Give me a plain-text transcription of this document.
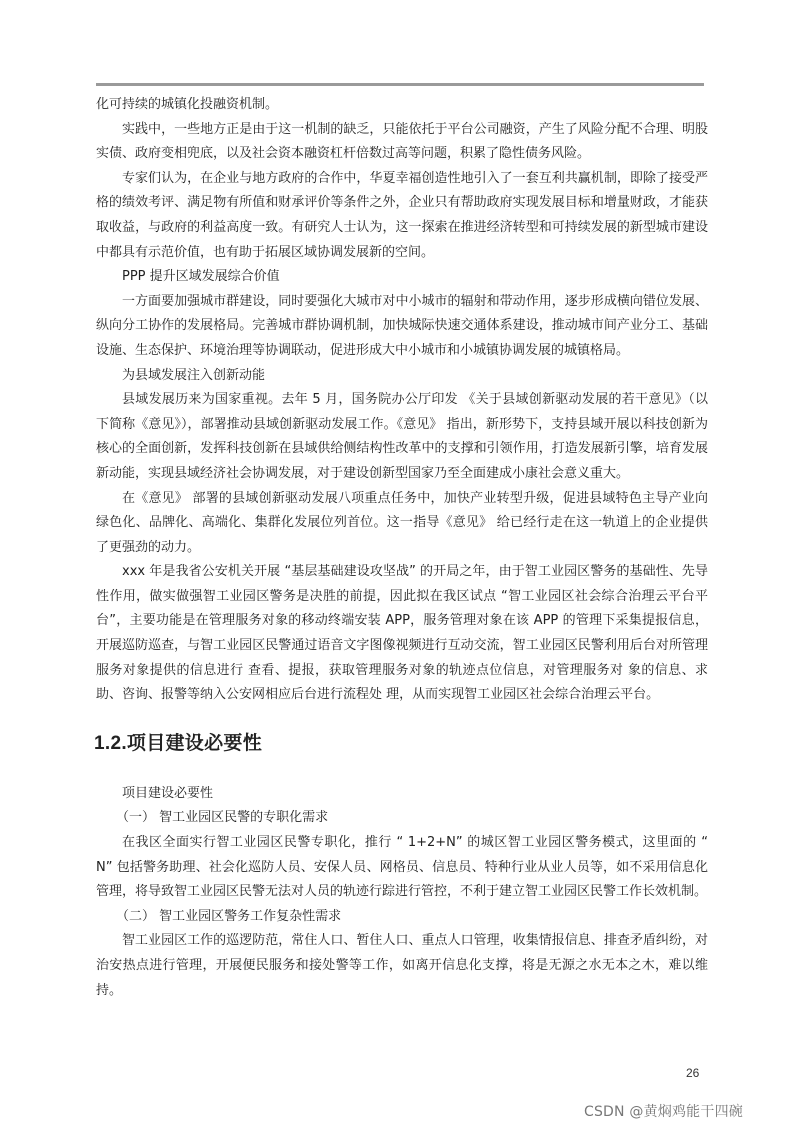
化可持续的城镇化投融资机制。

实践中，一些地方正是由于这一机制的缺乏，只能依托于平台公司融资，产生了风险分配不合理、明股实债、政府变相兜底，以及社会资本融资杠杆倍数过高等问题，积累了隐性债务风险。

专家们认为，在企业与地方政府的合作中，华夏幸福创造性地引入了一套互利共赢机制，即除了接受严格的绩效考评、满足物有所值和财承评价等条件之外，企业只有帮助政府实现发展目标和增量财政，才能获取收益，与政府的利益高度一致。有研究人士认为，这一探索在推进经济转型和可持续发展的新型城市建设中都具有示范价值，也有助于拓展区域协调发展新的空间。

PPP 提升区域发展综合价值

一方面要加强城市群建设，同时要强化大城市对中小城市的辐射和带动作用，逐步形成横向错位发展、纵向分工协作的发展格局。完善城市群协调机制，加快城际快速交通体系建设，推动城市间产业分工、基础设施、生态保护、环境治理等协调联动，促进形成大中小城市和小城镇协调发展的城镇格局。

为县域发展注入创新动能

县域发展历来为国家重视。去年 5 月，国务院办公厅印发 《关于县域创新驱动发展的若干意见》（以下简称《意见》），部署推动县域创新驱动发展工作。《意见》 指出，新形势下，支持县域开展以科技创新为核心的全面创新，发挥科技创新在县域供给侧结构性改革中的支撑和引领作用，打造发展新引擎，培育发展新动能，实现县域经济社会协调发展，对于建设创新型国家乃至全面建成小康社会意义重大。

在《意见》 部署的县域创新驱动发展八项重点任务中，加快产业转型升级，促进县域特色主导产业向绿色化、品牌化、高端化、集群化发展位列首位。这一指导《意见》 给已经行走在这一轨道上的企业提供了更强劲的动力。

xxx 年是我省公安机关开展 “基层基础建设攻坚战” 的开局之年，由于智工业园区警务的基础性、先导性作用，做实做强智工业园区警务是决胜的前提，因此拟在我区试点 “智工业园区社会综合治理云平台平台”，主要功能是在管理服务对象的移动终端安装 APP，服务管理对象在该 APP 的管理下采集提报信息，开展巡防巡查，与智工业园区民警通过语音文字图像视频进行互动交流，智工业园区民警利用后台对所管理服务对象提供的信息进行 查看、提报，获取管理服务对象的轨迹点位信息，对管理服务对 象的信息、求助、咨询、报警等纳入公安网相应后台进行流程处 理，从而实现智工业园区社会综合治理云平台。

1.2.项目建设必要性

项目建设必要性

（一） 智工业园区民警的专职化需求

在我区全面实行智工业园区民警专职化，推行 “ 1+2+N” 的城区智工业园区警务模式，这里面的 “ N” 包括警务助理、社会化巡防人员、安保人员、网格员、信息员、特种行业从业人员等，如不采用信息化管理，将导致智工业园区民警无法对人员的轨迹行踪进行管控，不利于建立智工业园区民警工作长效机制。

（二） 智工业园区警务工作复杂性需求

智工业园区工作的巡逻防范，常住人口、暂住人口、重点人口管理，收集情报信息、排查矛盾纠纷，对治安热点进行管理，开展便民服务和接处警等工作，如离开信息化支撑，将是无源之水无本之木，难以维持。

26
CSDN @黄焖鸡能干四碗
